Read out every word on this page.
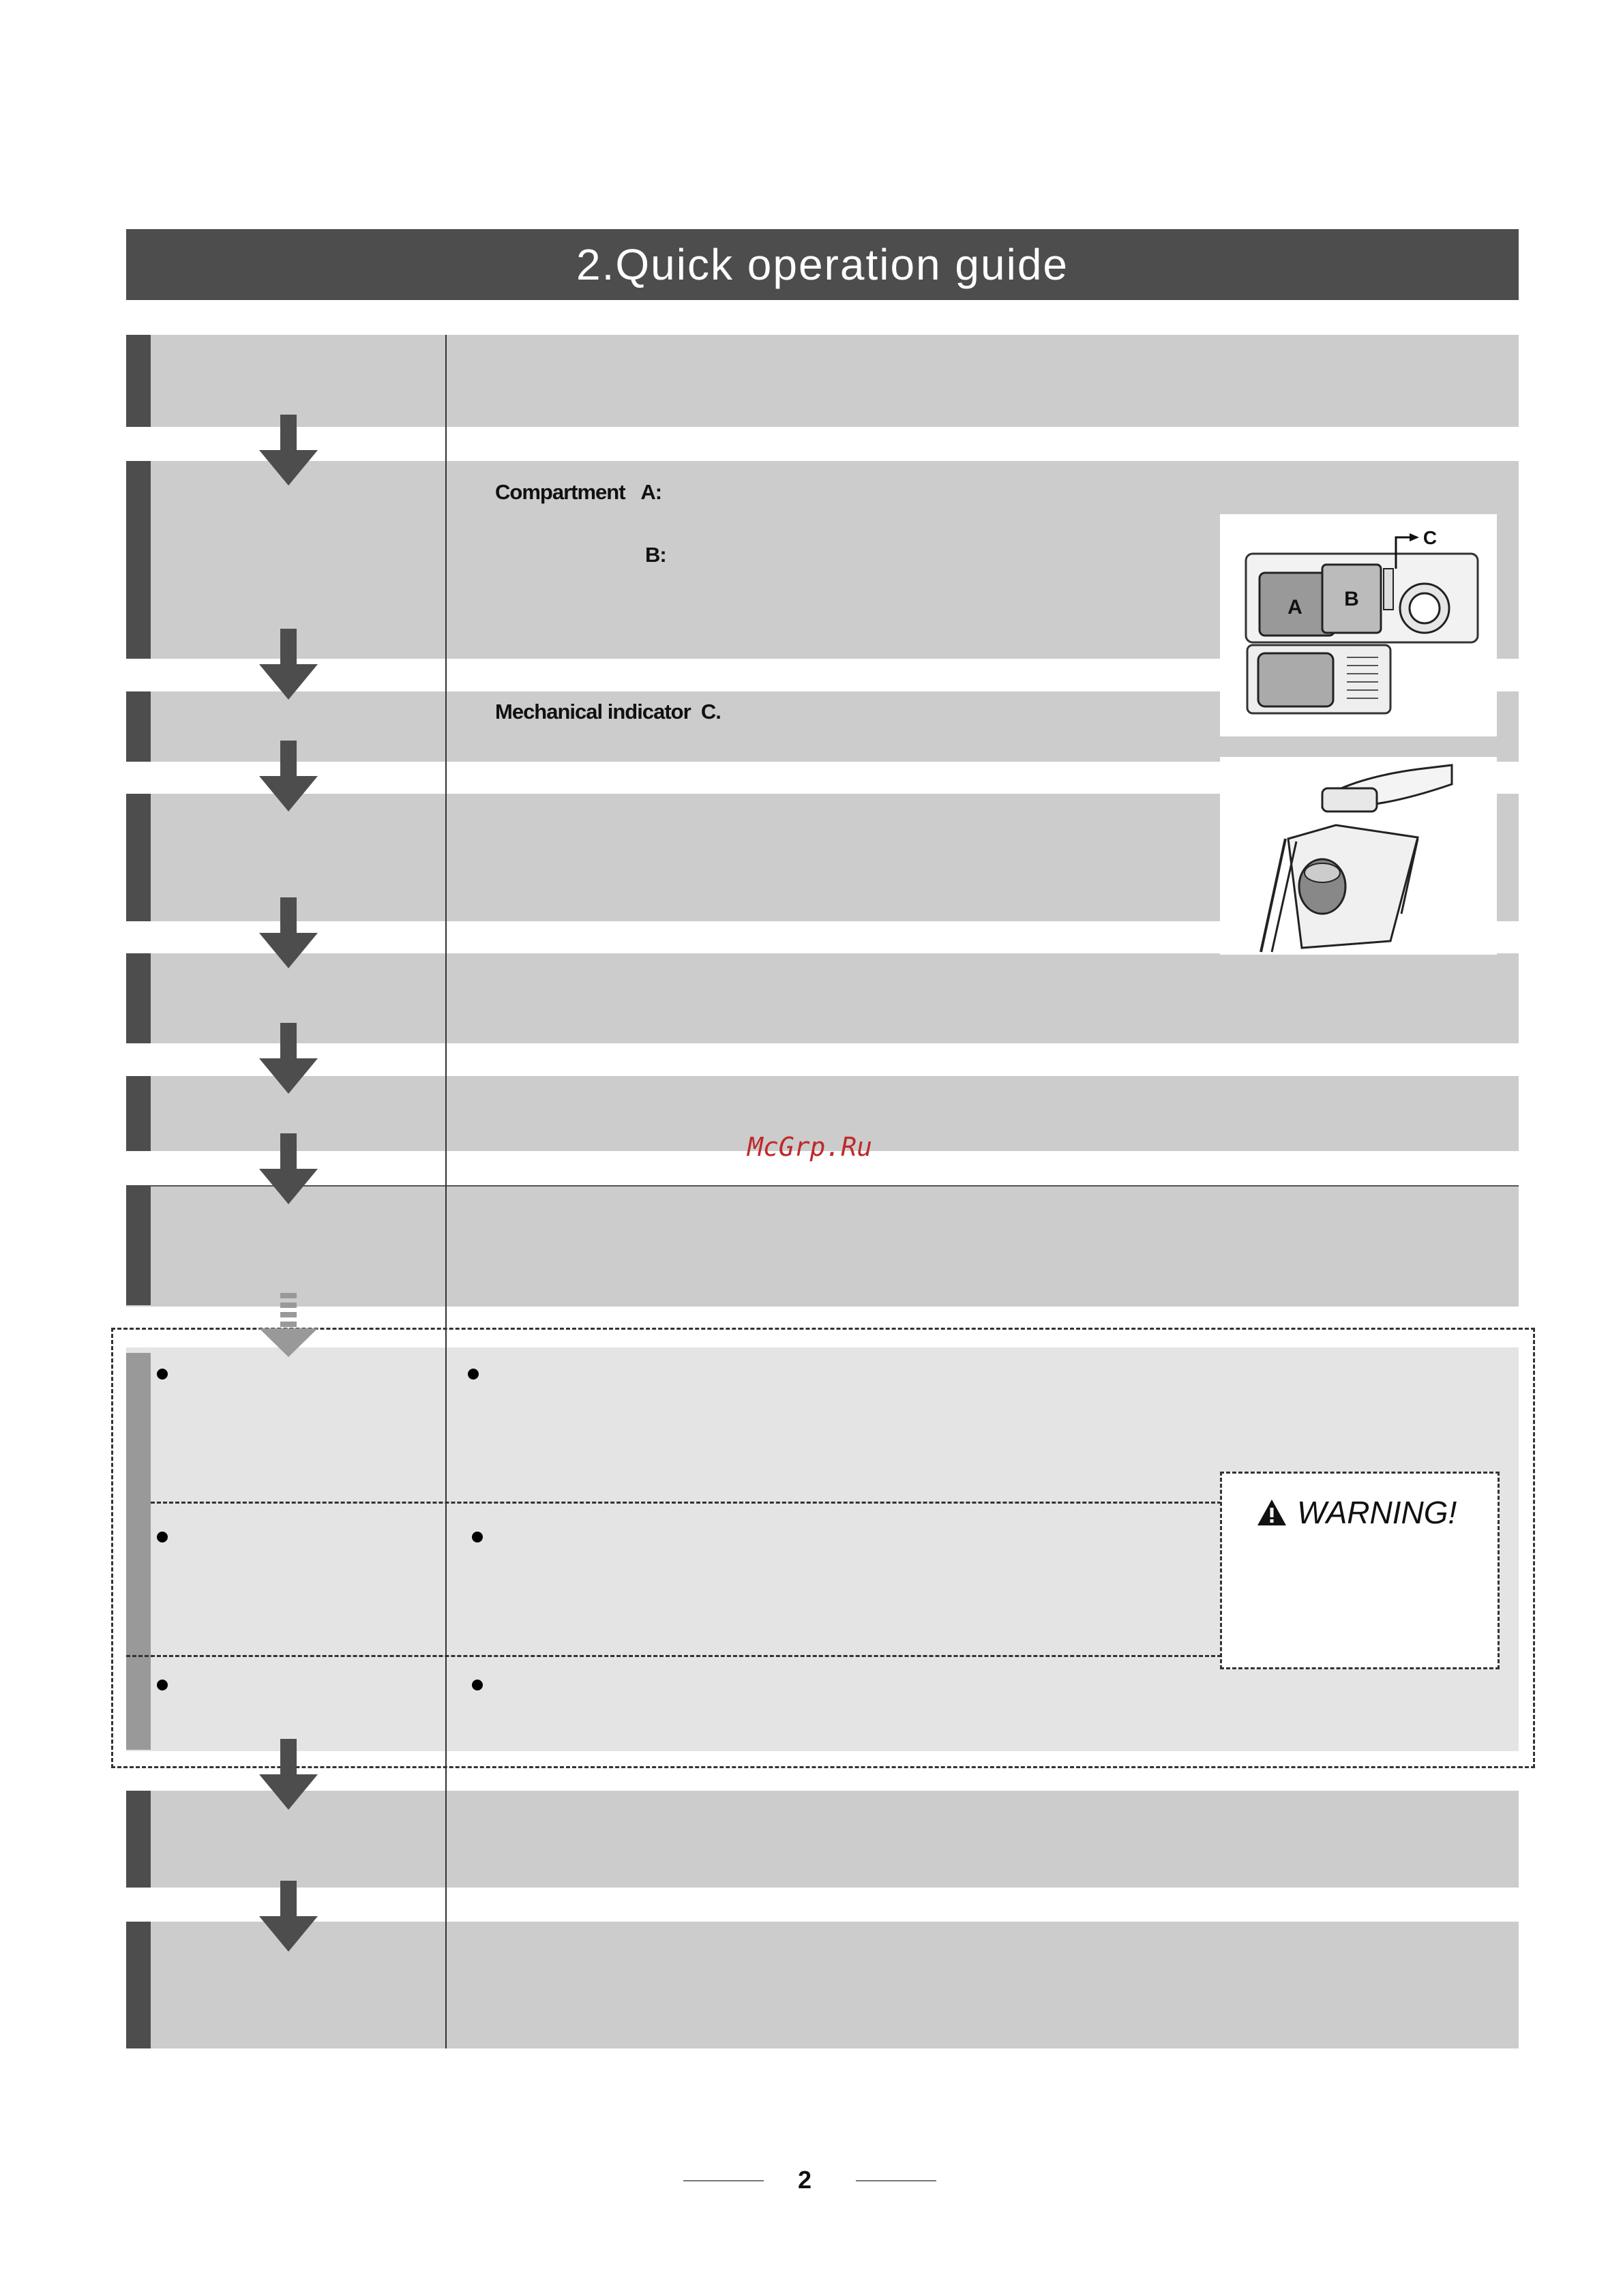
2.Quick operation guide
WARNING!
Compartment A:
B:
Mechanical indicator C.
A B
C
McGrp.Ru
2
